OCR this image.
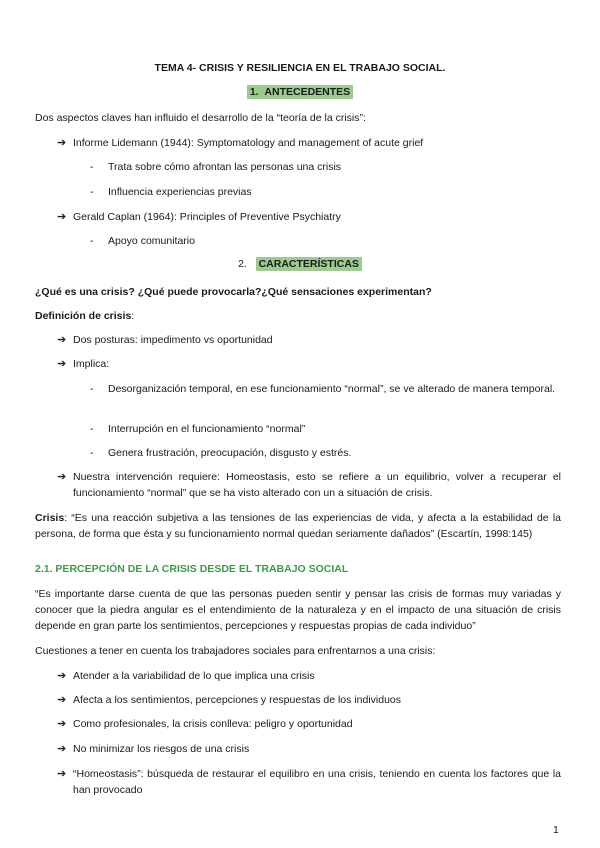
TEMA 4- CRISIS Y RESILIENCIA EN EL TRABAJO SOCIAL.
1. ANTECEDENTES
Dos aspectos claves han influido el desarrollo de la “teoría de la crisis”:
➔ Informe Lidemann (1944): Symptomatology and management of acute grief
- Trata sobre cómo afrontan las personas una crisis
- Influencia experiencias previas
➔ Gerald Caplan (1964): Principles of Preventive Psychiatry
- Apoyo comunitario
2. CARACTERÍSTICAS
¿Qué es una crisis? ¿Qué puede provocarla?¿Qué sensaciones experimentan?
Definición de crisis:
➔ Dos posturas: impedimento vs oportunidad
➔ Implica:
- Desorganización temporal, en ese funcionamiento “normal”, se ve alterado de manera temporal.
- Interrupción en el funcionamiento “normal”
- Genera frustración, preocupación, disgusto y estrés.
➔ Nuestra intervención requiere: Homeostasis, esto se refiere a un equilibrio, volver a recuperar el funcionamiento “normal” que se ha visto alterado con un a situación de crisis.
Crisis: “Es una reacción subjetiva a las tensiones de las experiencias de vida, y afecta a la estabilidad de la persona, de forma que ésta y su funcionamiento normal quedan seriamente dañados” (Escartín, 1998:145)
2.1. PERCEPCIÓN DE LA CRISIS DESDE EL TRABAJO SOCIAL
“Es importante darse cuenta de que las personas pueden sentir y pensar las crisis de formas muy variadas y conocer que la piedra angular es el entendimiento de la naturaleza y en el impacto de una situación de crisis depende en gran parte los sentimientos, percepciones y respuestas propias de cada individuo”
Cuestiones a tener en cuenta los trabajadores sociales para enfrentarnos a una crisis:
➔ Atender a la variabilidad de lo que implica una crisis
➔ Afecta a los sentimientos, percepciones y respuestas de los individuos
➔ Como profesionales, la crisis conlleva: peligro y oportunidad
➔ No minimizar los riesgos de una crisis
➔ “Homeostasis”: búsqueda de restaurar el equilibro en una crisis, teniendo en cuenta los factores que la han provocado
1
